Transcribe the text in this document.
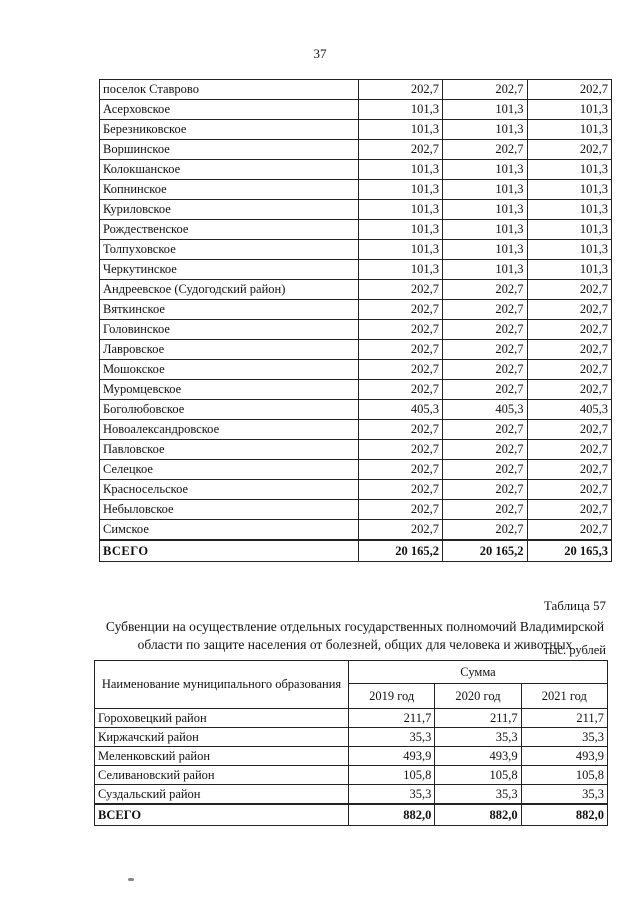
37
поселок Ставрово	202,7	202,7	202,7
Асерховское	101,3	101,3	101,3
Березниковское	101,3	101,3	101,3
Воршинское	202,7	202,7	202,7
Колокшанское	101,3	101,3	101,3
Копнинское	101,3	101,3	101,3
Куриловское	101,3	101,3	101,3
Рождественское	101,3	101,3	101,3
Толпуховское	101,3	101,3	101,3
Черкутинское	101,3	101,3	101,3
Андреевское (Судогодский район)	202,7	202,7	202,7
Вяткинское	202,7	202,7	202,7
Головинское	202,7	202,7	202,7
Лавровское	202,7	202,7	202,7
Мошокское	202,7	202,7	202,7
Муромцевское	202,7	202,7	202,7
Боголюбовское	405,3	405,3	405,3
Новоалександровское	202,7	202,7	202,7
Павловское	202,7	202,7	202,7
Селецкое	202,7	202,7	202,7
Красносельское	202,7	202,7	202,7
Небыловское	202,7	202,7	202,7
Симское	202,7	202,7	202,7
ВСЕГО	20 165,2	20 165,2	20 165,3
Таблица 57
Субвенции на осуществление отдельных государственных полномочий Владимирской
области по защите населения от болезней, общих для человека и животных
тыс. рублей
Наименование муниципального образования	Сумма		
	2019 год	2020 год	2021 год
Гороховецкий район	211,7	211,7	211,7
Киржачский район	35,3	35,3	35,3
Меленковский район	493,9	493,9	493,9
Селивановский район	105,8	105,8	105,8
Суздальский район	35,3	35,3	35,3
ВСЕГО	882,0	882,0	882,0
